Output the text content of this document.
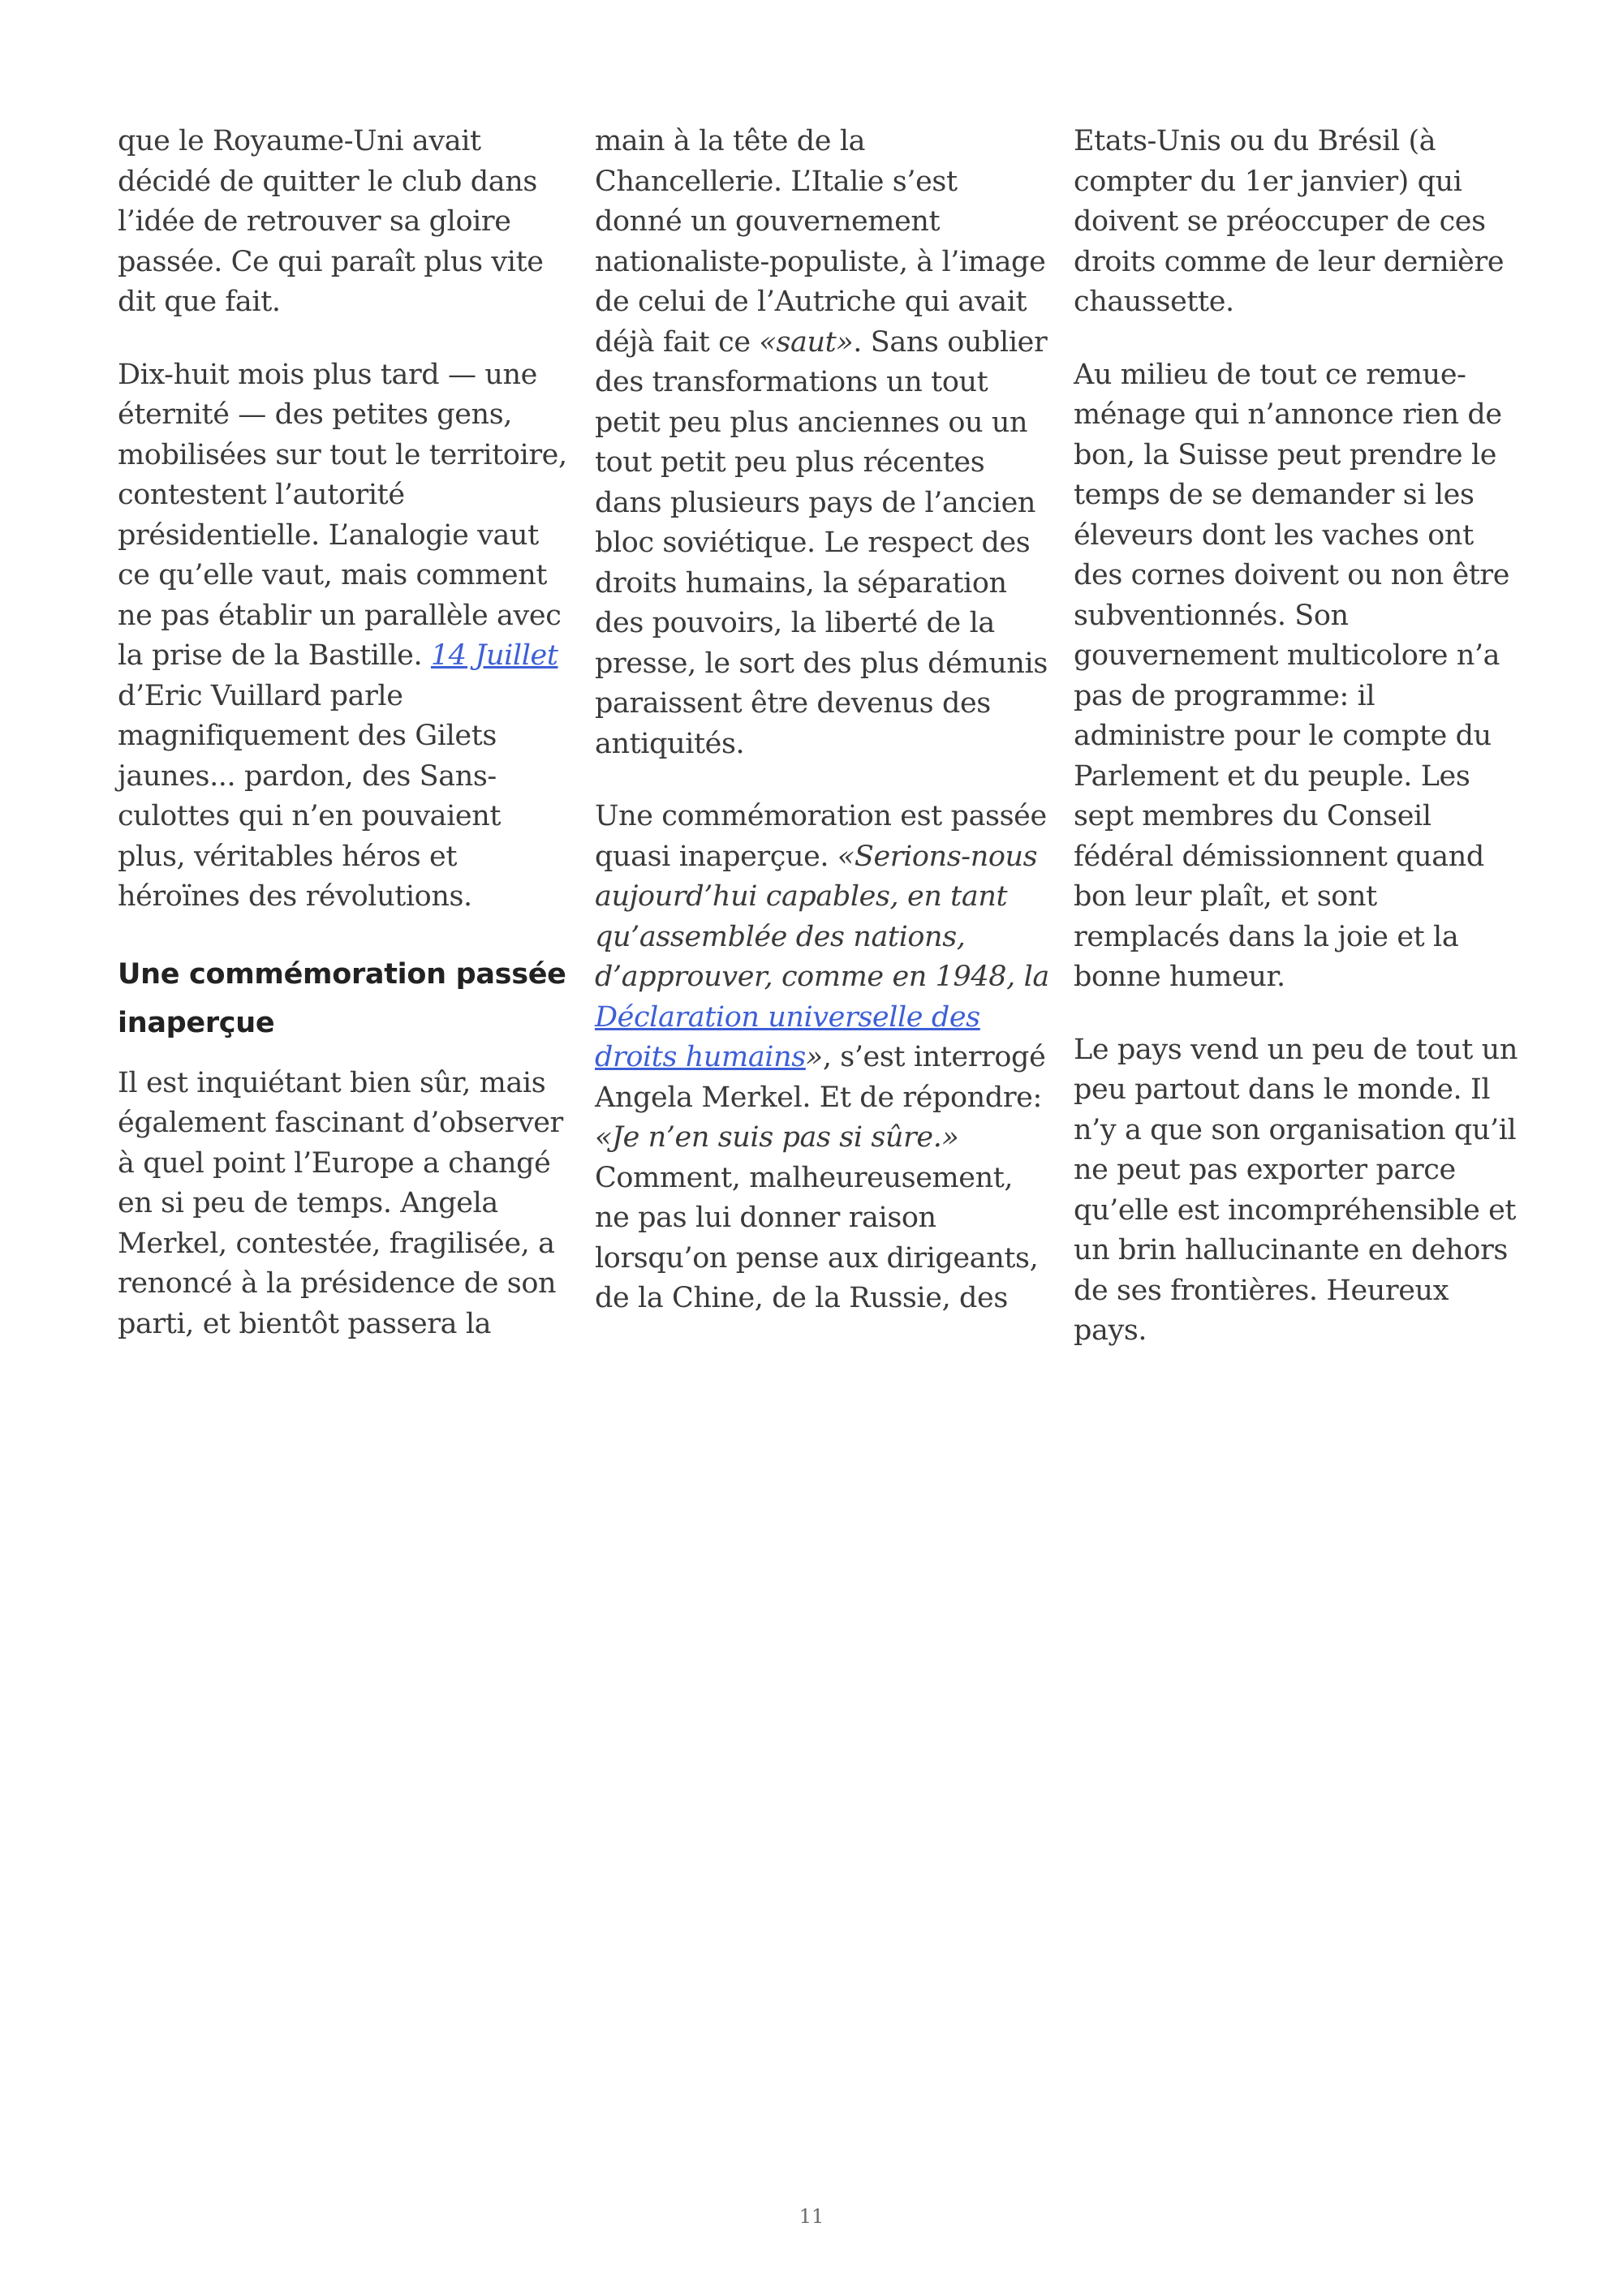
que le Royaume-Uni avait décidé de quitter le club dans l’idée de retrouver sa gloire passée. Ce qui paraît plus vite dit que fait.

Dix-huit mois plus tard — une éternité — des petites gens, mobilisées sur tout le territoire, contestent l’autorité présidentielle. L’analogie vaut ce qu’elle vaut, mais comment ne pas établir un parallèle avec la prise de la Bastille. 14 Juillet d’Eric Vuillard parle magnifiquement des Gilets jaunes... pardon, des Sans-culottes qui n’en pouvaient plus, véritables héros et héroïnes des révolutions.

Une commémoration passée inaperçue

Il est inquiétant bien sûr, mais également fascinant d’observer à quel point l’Europe a changé en si peu de temps. Angela Merkel, contestée, fragilisée, a renoncé à la présidence de son parti, et bientôt passera la

main à la tête de la Chancellerie. L’Italie s’est donné un gouvernement nationaliste-populiste, à l’image de celui de l’Autriche qui avait déjà fait ce «saut». Sans oublier des transformations un tout petit peu plus anciennes ou un tout petit peu plus récentes dans plusieurs pays de l’ancien bloc soviétique. Le respect des droits humains, la séparation des pouvoirs, la liberté de la presse, le sort des plus démunis paraissent être devenus des antiquités.

Une commémoration est passée quasi inaperçue. «Serions-nous aujourd’hui capables, en tant qu’assemblée des nations, d’approuver, comme en 1948, la Déclaration universelle des droits humains», s’est interrogé Angela Merkel. Et de répondre: «Je n’en suis pas si sûre.» Comment, malheureusement, ne pas lui donner raison lorsqu’on pense aux dirigeants, de la Chine, de la Russie, des

Etats-Unis ou du Brésil (à compter du 1er janvier) qui doivent se préoccuper de ces droits comme de leur dernière chaussette.

Au milieu de tout ce remue-ménage qui n’annonce rien de bon, la Suisse peut prendre le temps de se demander si les éleveurs dont les vaches ont des cornes doivent ou non être subventionnés. Son gouvernement multicolore n’a pas de programme: il administre pour le compte du Parlement et du peuple. Les sept membres du Conseil fédéral démissionnent quand bon leur plaît, et sont remplacés dans la joie et la bonne humeur.

Le pays vend un peu de tout un peu partout dans le monde. Il n’y a que son organisation qu’il ne peut pas exporter parce qu’elle est incompréhensible et un brin hallucinante en dehors de ses frontières. Heureux pays.

11
